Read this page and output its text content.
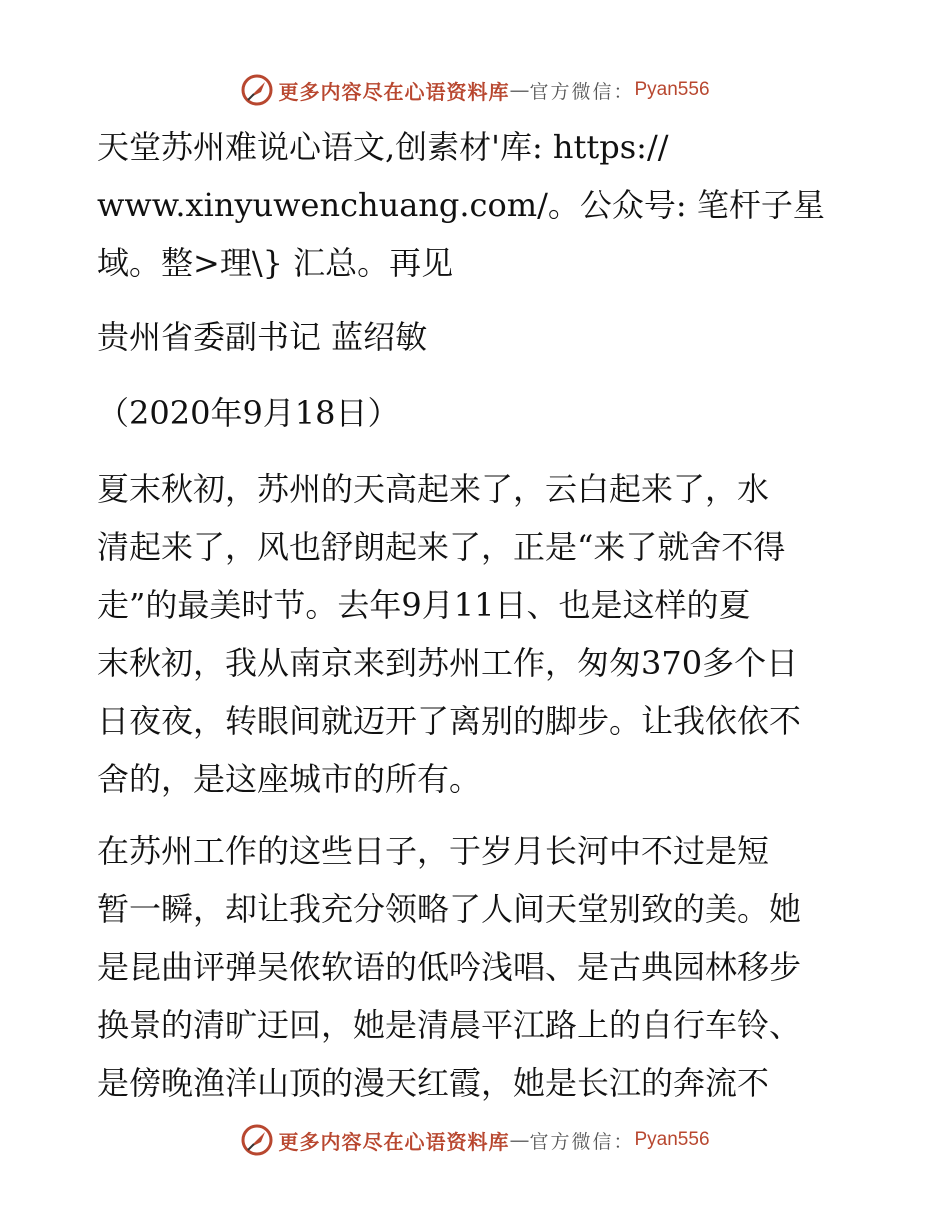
更多内容尽在心语资料库 — 官方微信： Pyan556
天堂苏州难说心语文,创素材'库: https://
www.xinyuwenchuang.com/。公众号: 笔杆子星
域。整>理\} 汇总。再见
贵州省委副书记 蓝绍敏
（2020年9月18日）
夏末秋初，苏州的天高起来了，云白起来了，水
清起来了，风也舒朗起来了，正是“来了就舍不得
走”的最美时节。去年9月11日、也是这样的夏
末秋初，我从南京来到苏州工作，匆匆370多个日
日夜夜，转眼间就迈开了离别的脚步。让我依依不
舍的，是这座城市的所有。
在苏州工作的这些日子，于岁月长河中不过是短
暂一瞬，却让我充分领略了人间天堂别致的美。她
是昆曲评弹吴侬软语的低吟浅唱、是古典园林移步
换景的清旷迂回，她是清晨平江路上的自行车铃、
是傍晚渔洋山顶的漫天红霞，她是长江的奔流不
更多内容尽在心语资料库 — 官方微信： Pyan556
